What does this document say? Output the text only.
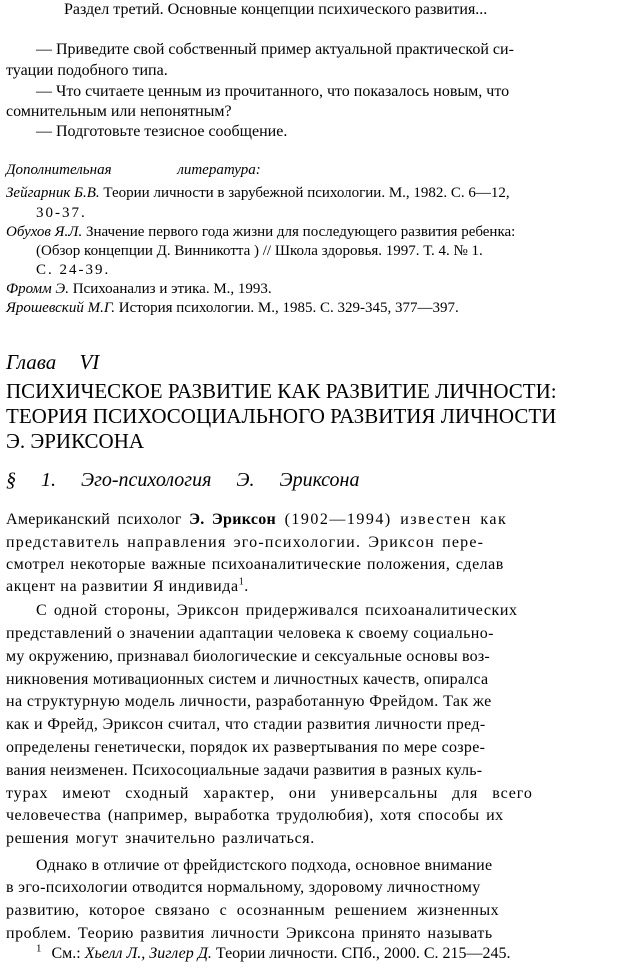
Раздел третий. Основные концепции психического развития...
— Приведите свой собственный пример актуальной практической си-
туации подобного типа.
— Что считаете ценным из прочитанного, что показалось новым, что
сомнительным или непонятным?
— Подготовьте тезисное сообщение.
Дополнительная	литература:
Зейгарник Б.В. Теории личности в зарубежной психологии. М., 1982. С. 6—12,
30-37.
Обухов Я.Л. Значение первого года жизни для последующего развития ребенка:
(Обзор концепции Д. Винникотта ) // Школа здоровья. 1997. Т. 4. № 1.
С. 24-39.
Фромм Э. Психоанализ и этика. М., 1993.
Ярошевский М.Г. История психологии. М., 1985. С. 329-345, 377—397.
Глава VI
ПСИХИЧЕСКОЕ РАЗВИТИЕ КАК РАЗВИТИЕ ЛИЧНОСТИ:
ТЕОРИЯ ПСИХОСОЦИАЛЬНОГО РАЗВИТИЯ ЛИЧНОСТИ
Э. ЭРИКСОНА
§ 1. Эго-психология Э. Эриксона
Американский психолог Э. Эриксон (1902—1994) известен как
представитель направления эго-психологии. Эриксон пере-
смотрел некоторые важные психоаналитические положения, сделав
акцент на развитии Я индивида$^1$.
С одной стороны, Эриксон придерживался психоаналитических
представлений о значении адаптации человека к своему социально-
му окружению, признавал биологические и сексуальные основы воз-
никновения мотивационных систем и личностных качеств, опиралса
на структурную модель личности, разработанную Фрейдом. Так же
как и Фрейд, Эриксон считал, что стадии развития личности пред-
определены генетически, порядок их развертывания по мере созре-
вания неизменен. Психосоциальные задачи развития в разных куль-
турах имеют сходный характер, они универсальны для всего
человечества (например, выработка трудолюбия), хотя способы их
решения могут значительно различаться.
Однако в отличие от фрейдистского подхода, основное внимание
в эго-психологии отводится нормальному, здоровому личностному
развитию, которое связано с осознанным решением жизненных
проблем. Теорию развития личности Эриксона принято называть
$^1$ См.: Хьелл Л., Зиглер Д. Теории личности. СПб., 2000. С. 215—245.
